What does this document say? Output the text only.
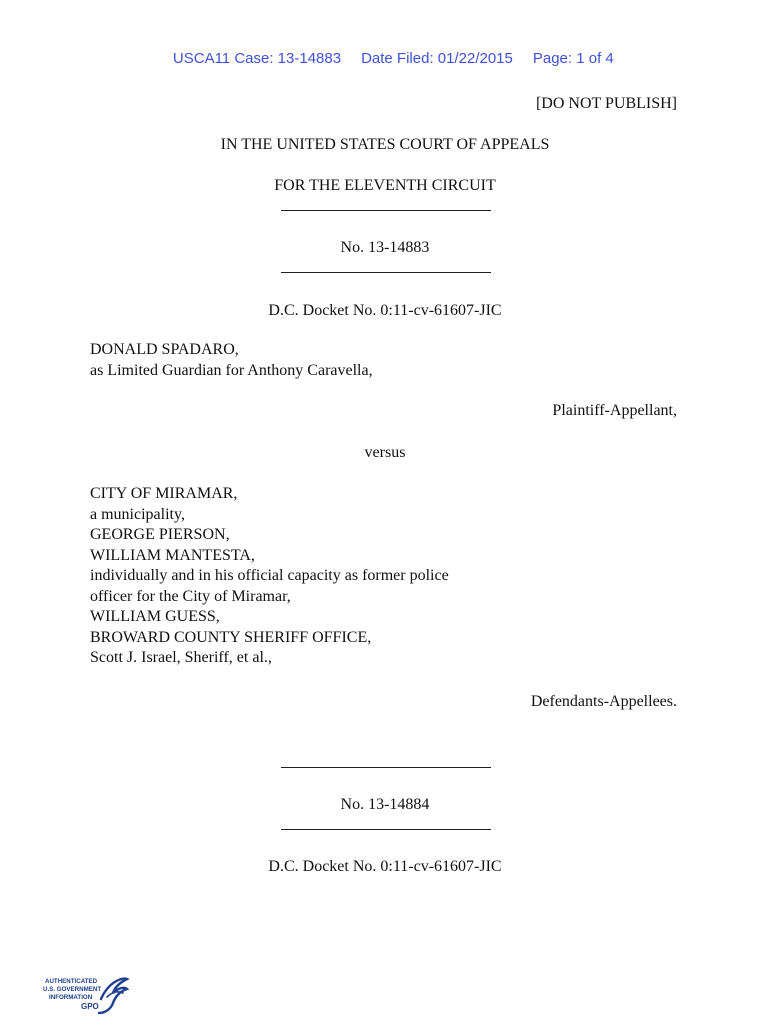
USCA11 Case: 13-14883 Date Filed: 01/22/2015 Page: 1 of 4

[DO NOT PUBLISH]
IN THE UNITED STATES COURT OF APPEALS
FOR THE ELEVENTH CIRCUIT
No. 13-14883
D.C. Docket No. 0:11-cv-61607-JIC
DONALD SPADARO,
as Limited Guardian for Anthony Caravella,
Plaintiff-Appellant,
versus
CITY OF MIRAMAR,
a municipality,
GEORGE PIERSON,
WILLIAM MANTESTA,
individually and in his official capacity as former police
officer for the City of Miramar,
WILLIAM GUESS,
BROWARD COUNTY SHERIFF OFFICE,
Scott J. Israel, Sheriff, et al.,
Defendants-Appellees.
No. 13-14884
D.C. Docket No. 0:11-cv-61607-JIC
AUTHENTICATED
U.S. GOVERNMENT
INFORMATION
GPO
